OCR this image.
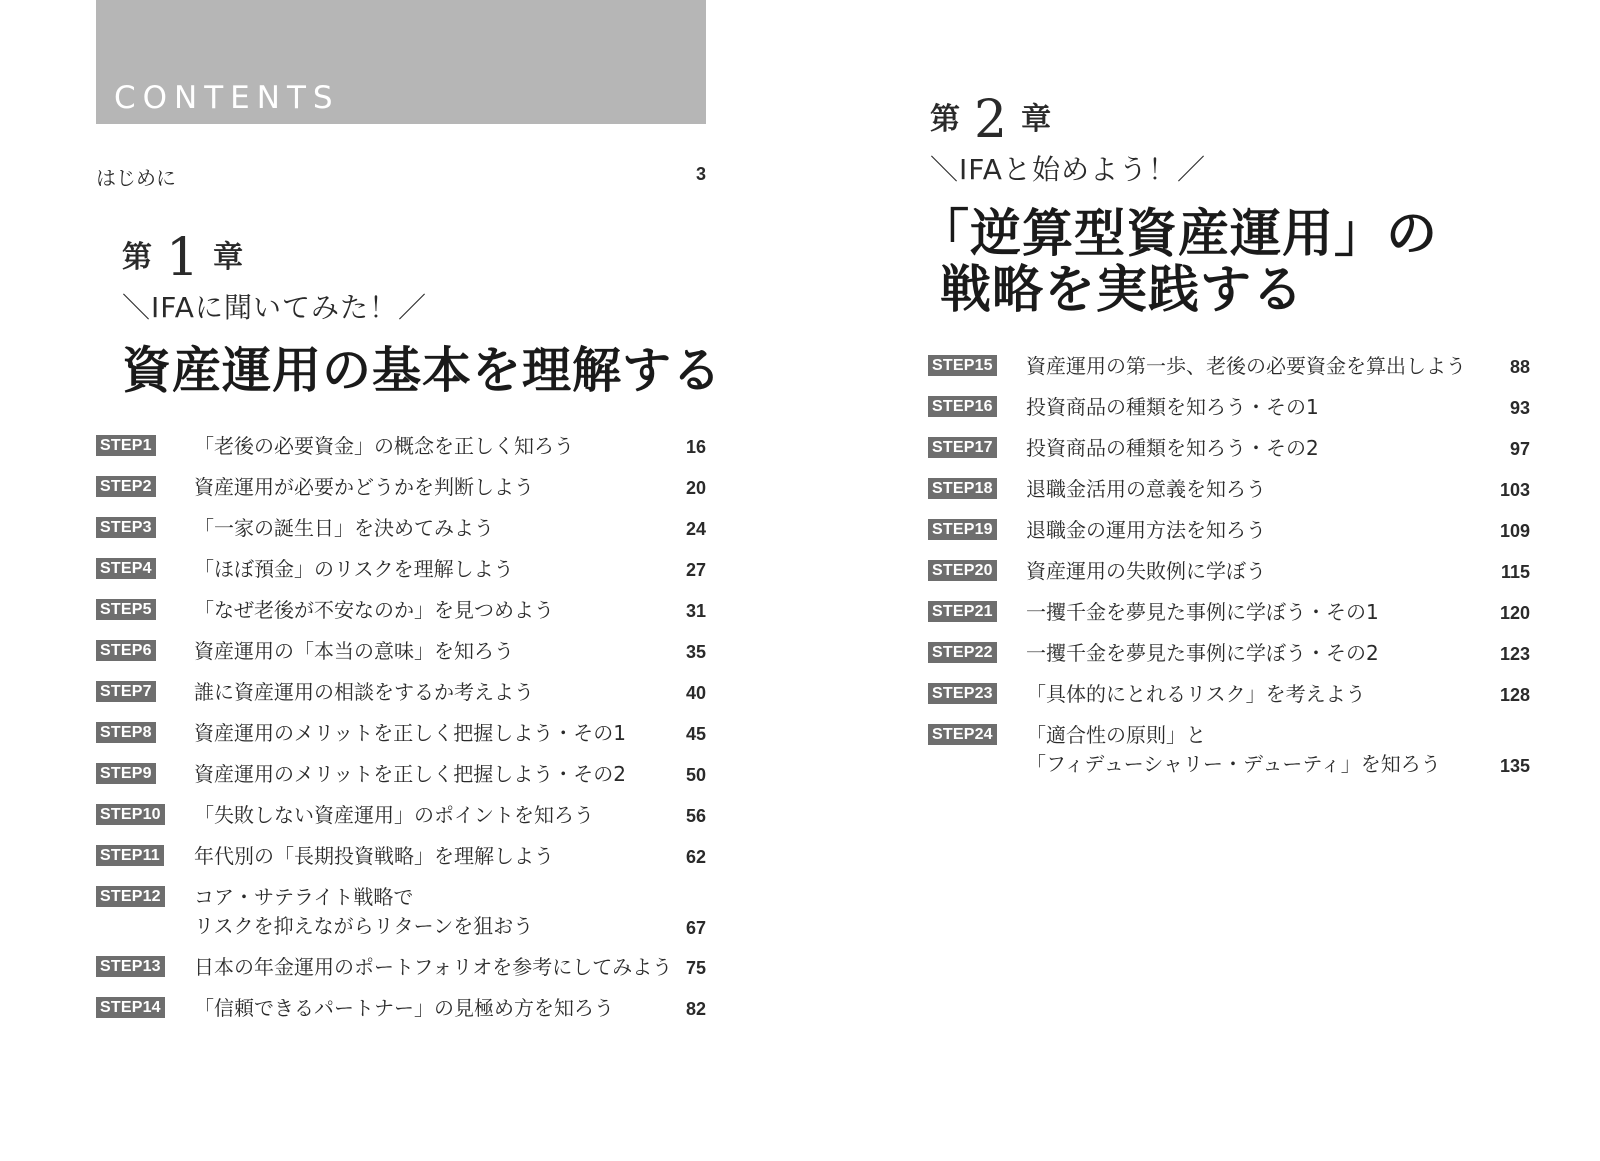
CONTENTS
はじめに	3
第 1 章
＼IFAに聞いてみた！／
資産運用の基本を理解する
STEP1 「老後の必要資金」の概念を正しく知ろう	16
STEP2 資産運用が必要かどうかを判断しよう	20
STEP3 「一家の誕生日」を決めてみよう	24
STEP4 「ほぼ預金」のリスクを理解しよう	27
STEP5 「なぜ老後が不安なのか」を見つめよう	31
STEP6 資産運用の「本当の意味」を知ろう	35
STEP7 誰に資産運用の相談をするか考えよう	40
STEP8 資産運用のメリットを正しく把握しよう・その1	45
STEP9 資産運用のメリットを正しく把握しよう・その2	50
STEP10 「失敗しない資産運用」のポイントを知ろう	56
STEP11 年代別の「長期投資戦略」を理解しよう	62
STEP12 コア・サテライト戦略で
リスクを抑えながらリターンを狙おう	67
STEP13 日本の年金運用のポートフォリオを参考にしてみよう 75
STEP14 「信頼できるパートナー」の見極め方を知ろう	82
第 2 章
＼IFAと始めよう！／
「逆算型資産運用」の
戦略を実践する
STEP15 資産運用の第一歩、老後の必要資金を算出しよう	88
STEP16 投資商品の種類を知ろう・その1	93
STEP17 投資商品の種類を知ろう・その2	97
STEP18 退職金活用の意義を知ろう	103
STEP19 退職金の運用方法を知ろう	109
STEP20 資産運用の失敗例に学ぼう	115
STEP21 一攫千金を夢見た事例に学ぼう・その1	120
STEP22 一攫千金を夢見た事例に学ぼう・その2	123
STEP23 「具体的にとれるリスク」を考えよう	128
STEP24 「適合性の原則」と
「フィデューシャリー・デューティ」を知ろう	135
